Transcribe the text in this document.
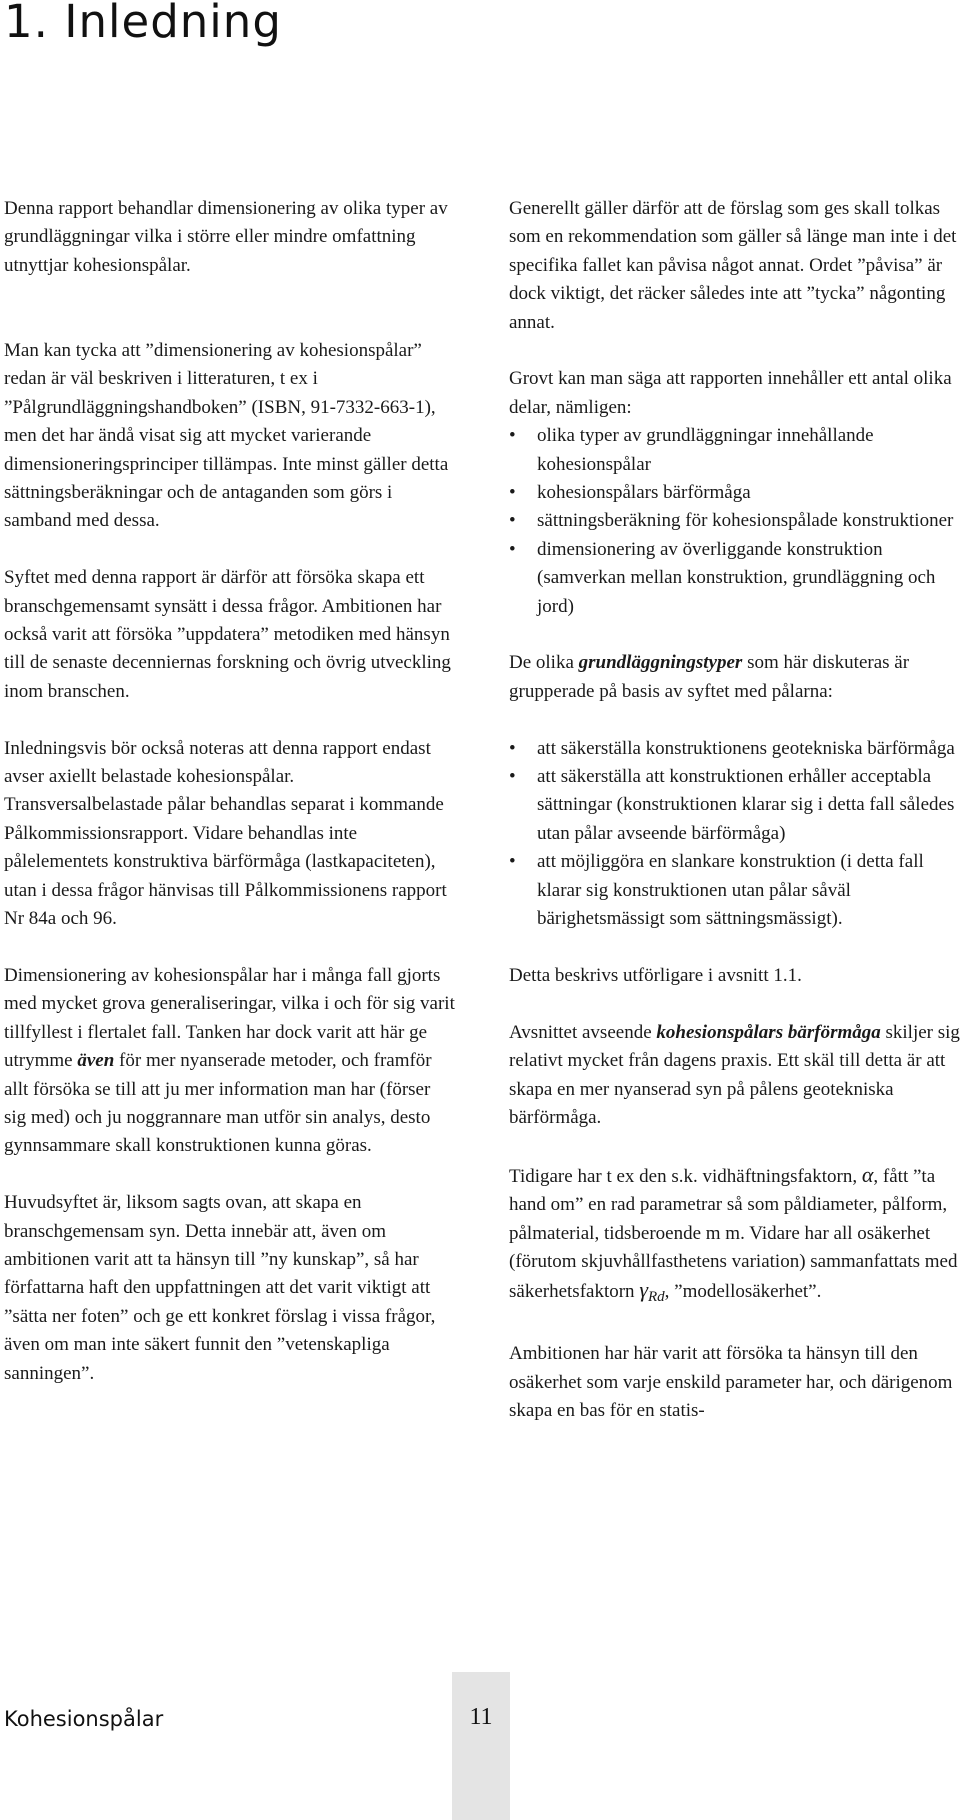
1. Inledning

Denna rapport behandlar dimensionering av olika typer av grundläggningar vilka i större eller mindre omfattning utnyttjar kohesionspålar.

Man kan tycka att ”dimensionering av kohesionspålar” redan är väl beskriven i litteraturen, t ex i ”Pålgrundläggningshandboken” (ISBN, 91-7332-663-1), men det har ändå visat sig att mycket varierande dimensioneringsprinciper tillämpas. Inte minst gäller detta sättningsberäkningar och de antaganden som görs i samband med dessa.

Syftet med denna rapport är därför att försöka skapa ett branschgemensamt synsätt i dessa frågor. Ambitionen har också varit att försöka ”uppdatera” metodiken med hänsyn till de senaste decenniernas forskning och övrig utveckling inom branschen.

Inledningsvis bör också noteras att denna rapport endast avser axiellt belastade kohesionspålar. Transversalbelastade pålar behandlas separat i kommande Pålkommissionsrapport. Vidare behandlas inte pålelementets konstruktiva bärförmåga (lastkapaciteten), utan i dessa frågor hänvisas till Pålkommissionens rapport Nr 84a och 96.

Dimensionering av kohesionspålar har i många fall gjorts med mycket grova generaliseringar, vilka i och för sig varit tillfyllest i flertalet fall. Tanken har dock varit att här ge utrymme även för mer nyanserade metoder, och framför allt försöka se till att ju mer information man har (förser sig med) och ju noggrannare man utför sin analys, desto gynnsammare skall konstruktionen kunna göras.

Huvudsyftet är, liksom sagts ovan, att skapa en branschgemensam syn. Detta innebär att, även om ambitionen varit att ta hänsyn till ”ny kunskap”, så har författarna haft den uppfattningen att det varit viktigt att ”sätta ner foten” och ge ett konkret förslag i vissa frågor, även om man inte säkert funnit den ”vetenskapliga sanningen”.

Generellt gäller därför att de förslag som ges skall tolkas som en rekommendation som gäller så länge man inte i det specifika fallet kan påvisa något annat. Ordet ”påvisa” är dock viktigt, det räcker således inte att ”tycka” någonting annat.

Grovt kan man säga att rapporten innehåller ett antal olika delar, nämligen:

• olika typer av grundläggningar innehållande kohesionspålar
• kohesionspålars bärförmåga
• sättningsberäkning för kohesionspålade konstruktioner
• dimensionering av överliggande konstruktion (samverkan mellan konstruktion, grundläggning och jord)

De olika grundläggningstyper som här diskuteras är grupperade på basis av syftet med pålarna:

• att säkerställa konstruktionens geotekniska bärförmåga
• att säkerställa att konstruktionen erhåller acceptabla sättningar (konstruktionen klarar sig i detta fall således utan pålar avseende bärförmåga)
• att möjliggöra en slankare konstruktion (i detta fall klarar sig konstruktionen utan pålar såväl bärighetsmässigt som sättningsmässigt).

Detta beskrivs utförligare i avsnitt 1.1.

Avsnittet avseende kohesionspålars bärförmåga skiljer sig relativt mycket från dagens praxis. Ett skäl till detta är att skapa en mer nyanserad syn på pålens geotekniska bärförmåga.

Tidigare har t ex den s.k. vidhäftningsfaktorn, α, fått ”ta hand om” en rad parametrar så som påldiameter, pålform, pålmaterial, tidsberoende m m. Vidare har all osäkerhet (förutom skjuvhållfasthetens variation) sammanfattats med säkerhetsfaktorn $\gamma_{Rd}$, ”modellosäkerhet”.

Ambitionen har här varit att försöka ta hänsyn till den osäkerhet som varje enskild parameter har, och därigenom skapa en bas för en statis-

Kohesionspålar	11
